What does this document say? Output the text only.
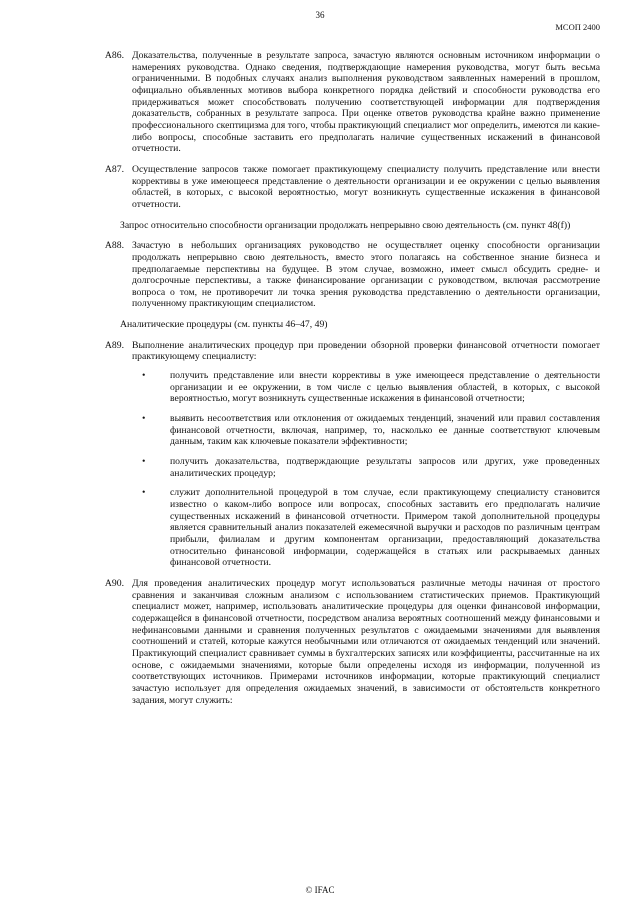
36
МСОП 2400
A86. Доказательства, полученные в результате запроса, зачастую являются основным источником информации о намерениях руководства. Однако сведения, подтверждающие намерения руководства, могут быть весьма ограниченными. В подобных случаях анализ выполнения руководством заявленных намерений в прошлом, официально объявленных мотивов выбора конкретного порядка действий и способности руководства его придерживаться может способствовать получению соответствующей информации для подтверждения доказательств, собранных в результате запроса. При оценке ответов руководства крайне важно применение профессионального скептицизма для того, чтобы практикующий специалист мог определить, имеются ли какие-либо вопросы, способные заставить его предполагать наличие существенных искажений в финансовой отчетности.
A87. Осуществление запросов также помогает практикующему специалисту получить представление или внести коррективы в уже имеющееся представление о деятельности организации и ее окружении с целью выявления областей, в которых, с высокой вероятностью, могут возникнуть существенные искажения в финансовой отчетности.
Запрос относительно способности организации продолжать непрерывно свою деятельность (см. пункт 48(f))
A88. Зачастую в небольших организациях руководство не осуществляет оценку способности организации продолжать непрерывно свою деятельность, вместо этого полагаясь на собственное знание бизнеса и предполагаемые перспективы на будущее. В этом случае, возможно, имеет смысл обсудить средне- и долгосрочные перспективы, а также финансирование организации с руководством, включая рассмотрение вопроса о том, не противоречит ли точка зрения руководства представлению о деятельности организации, полученному практикующим специалистом.
Аналитические процедуры (см. пункты 46–47, 49)
A89. Выполнение аналитических процедур при проведении обзорной проверки финансовой отчетности помогает практикующему специалисту:
•	получить представление или внести коррективы в уже имеющееся представление о деятельности организации и ее окружении, в том числе с целью выявления областей, в которых, с высокой вероятностью, могут возникнуть существенные искажения в финансовой отчетности;
•	выявить несоответствия или отклонения от ожидаемых тенденций, значений или правил составления финансовой отчетности, включая, например, то, насколько ее данные соответствуют ключевым данным, таким как ключевые показатели эффективности;
•	получить доказательства, подтверждающие результаты запросов или других, уже проведенных аналитических процедур;
•	служит дополнительной процедурой в том случае, если практикующему специалисту становится известно о каком-либо вопросе или вопросах, способных заставить его предполагать наличие существенных искажений в финансовой отчетности. Примером такой дополнительной процедуры является сравнительный анализ показателей ежемесячной выручки и расходов по различным центрам прибыли, филиалам и другим компонентам организации, предоставляющий доказательства относительно финансовой информации, содержащейся в статьях или раскрываемых данных финансовой отчетности.
A90. Для проведения аналитических процедур могут использоваться различные методы начиная от простого сравнения и заканчивая сложным анализом с использованием статистических приемов. Практикующий специалист может, например, использовать аналитические процедуры для оценки финансовой информации, содержащейся в финансовой отчетности, посредством анализа вероятных соотношений между финансовыми и нефинансовыми данными и сравнения полученных результатов с ожидаемыми значениями для выявления соотношений и статей, которые кажутся необычными или отличаются от ожидаемых тенденций или значений. Практикующий специалист сравнивает суммы в бухгалтерских записях или коэффициенты, рассчитанные на их основе, с ожидаемыми значениями, которые были определены исходя из информации, полученной из соответствующих источников. Примерами источников информации, которые практикующий специалист зачастую использует для определения ожидаемых значений, в зависимости от обстоятельств конкретного задания, могут служить:
© IFAC
